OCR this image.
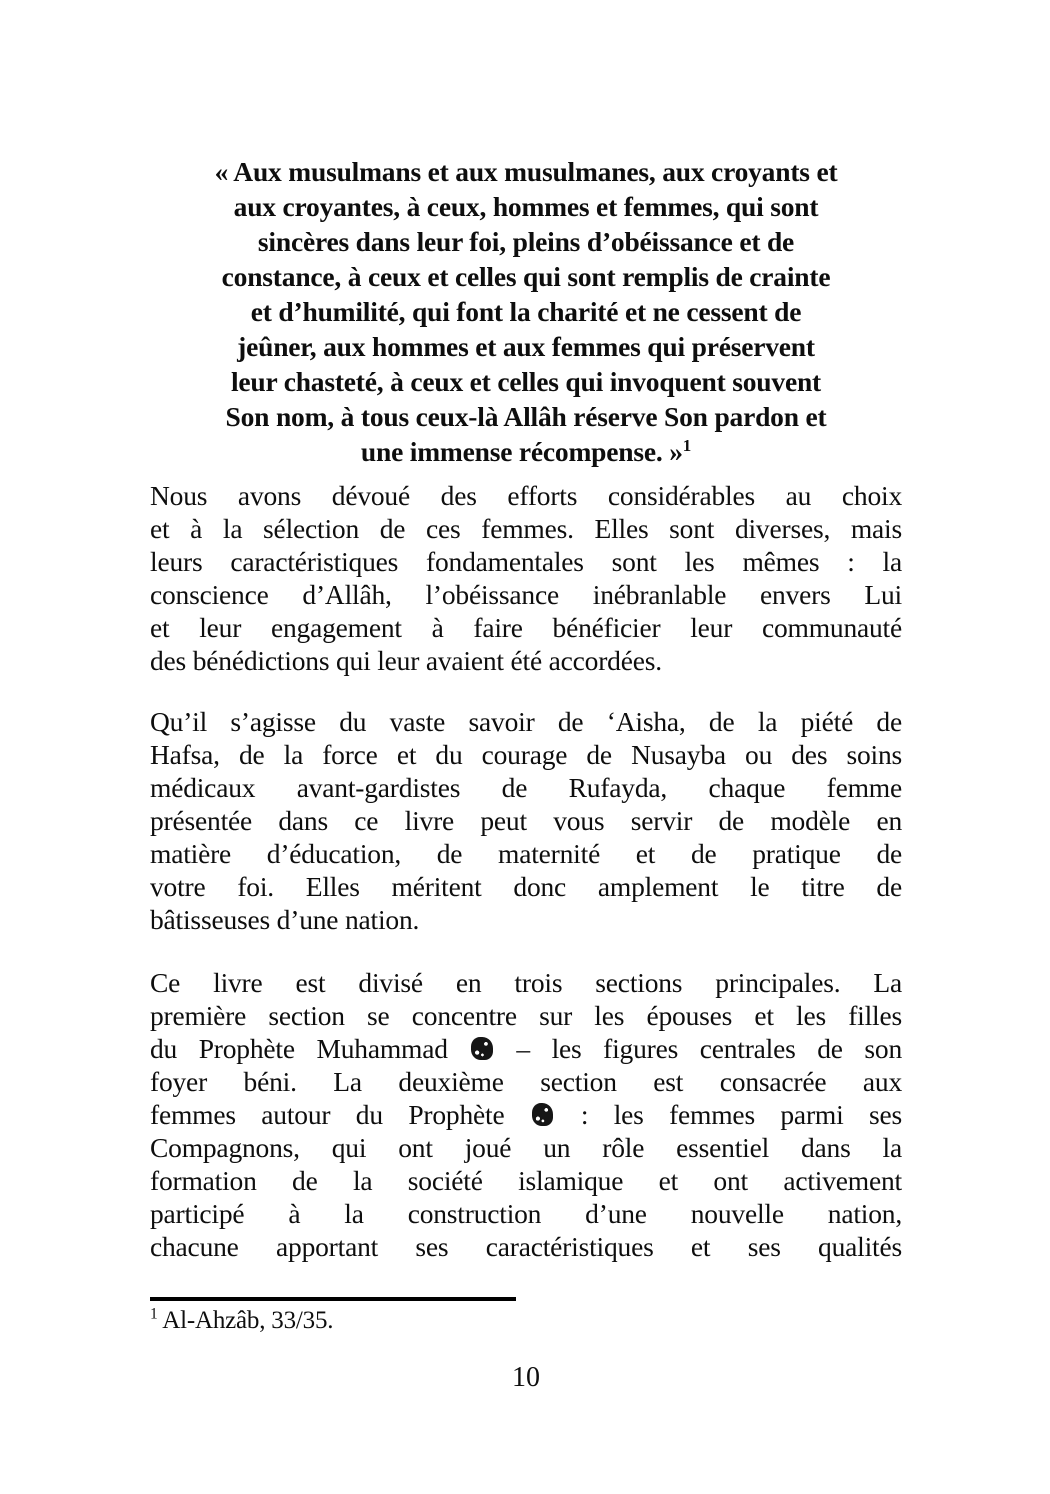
« Aux musulmans et aux musulmanes, aux croyants et
aux croyantes, à ceux, hommes et femmes, qui sont
sincères dans leur foi, pleins d’obéissance et de
constance, à ceux et celles qui sont remplis de crainte
et d’humilité, qui font la charité et ne cessent de
jeûner, aux hommes et aux femmes qui préservent
leur chasteté, à ceux et celles qui invoquent souvent
Son nom, à tous ceux-là Allâh réserve Son pardon et
une immense récompense. »$^1$
Nous avons dévoué des efforts considérables au choix
et à la sélection de ces femmes. Elles sont diverses, mais
leurs caractéristiques fondamentales sont les mêmes : la
conscience d’Allâh, l’obéissance inébranlable envers Lui
et leur engagement à faire bénéficier leur communauté
des bénédictions qui leur avaient été accordées.
Qu’il s’agisse du vaste savoir de ‘Aisha, de la piété de
Hafsa, de la force et du courage de Nusayba ou des soins
médicaux avant-gardistes de Rufayda, chaque femme
présentée dans ce livre peut vous servir de modèle en
matière d’éducation, de maternité et de pratique de
votre foi. Elles méritent donc amplement le titre de
bâtisseuses d’une nation.
Ce livre est divisé en trois sections principales. La
première section se concentre sur les épouses et les filles
du Prophète Muhammad  – les figures centrales de son
foyer béni. La deuxième section est consacrée aux
femmes autour du Prophète  : les femmes parmi ses
Compagnons, qui ont joué un rôle essentiel dans la
formation de la société islamique et ont activement
participé à la construction d’une nouvelle nation,
chacune apportant ses caractéristiques et ses qualités
$^1$ Al-Ahzâb, 33/35.
10
